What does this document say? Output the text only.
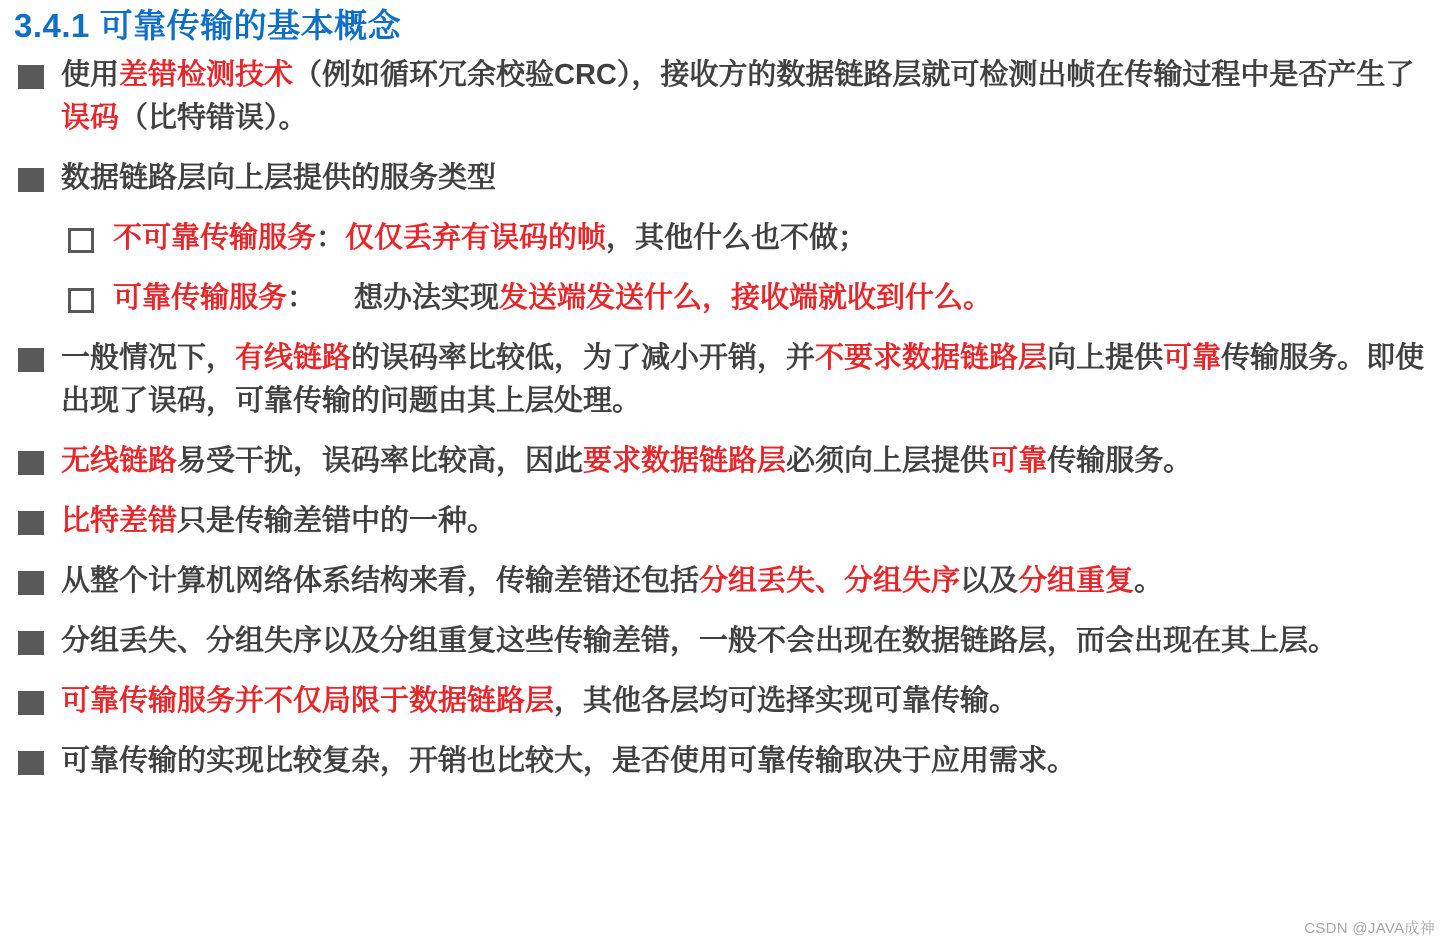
3.4.1 可靠传输的基本概念
使用差错检测技术（例如循环冗余校验CRC），接收方的数据链路层就可检测出帧在传输过程中是否产生了误码（比特错误）。
数据链路层向上层提供的服务类型
不可靠传输服务：仅仅丢弃有误码的帧，其他什么也不做；
可靠传输服务： 想办法实现发送端发送什么，接收端就收到什么。
一般情况下，有线链路的误码率比较低，为了减小开销，并不要求数据链路层向上提供可靠传输服务。即使出现了误码，可靠传输的问题由其上层处理。
无线链路易受干扰，误码率比较高，因此要求数据链路层必须向上层提供可靠传输服务。
比特差错只是传输差错中的一种。
从整个计算机网络体系结构来看，传输差错还包括分组丢失、分组失序以及分组重复。
分组丢失、分组失序以及分组重复这些传输差错，一般不会出现在数据链路层，而会出现在其上层。
可靠传输服务并不仅局限于数据链路层，其他各层均可选择实现可靠传输。
可靠传输的实现比较复杂，开销也比较大，是否使用可靠传输取决于应用需求。
CSDN @JAVA成神
